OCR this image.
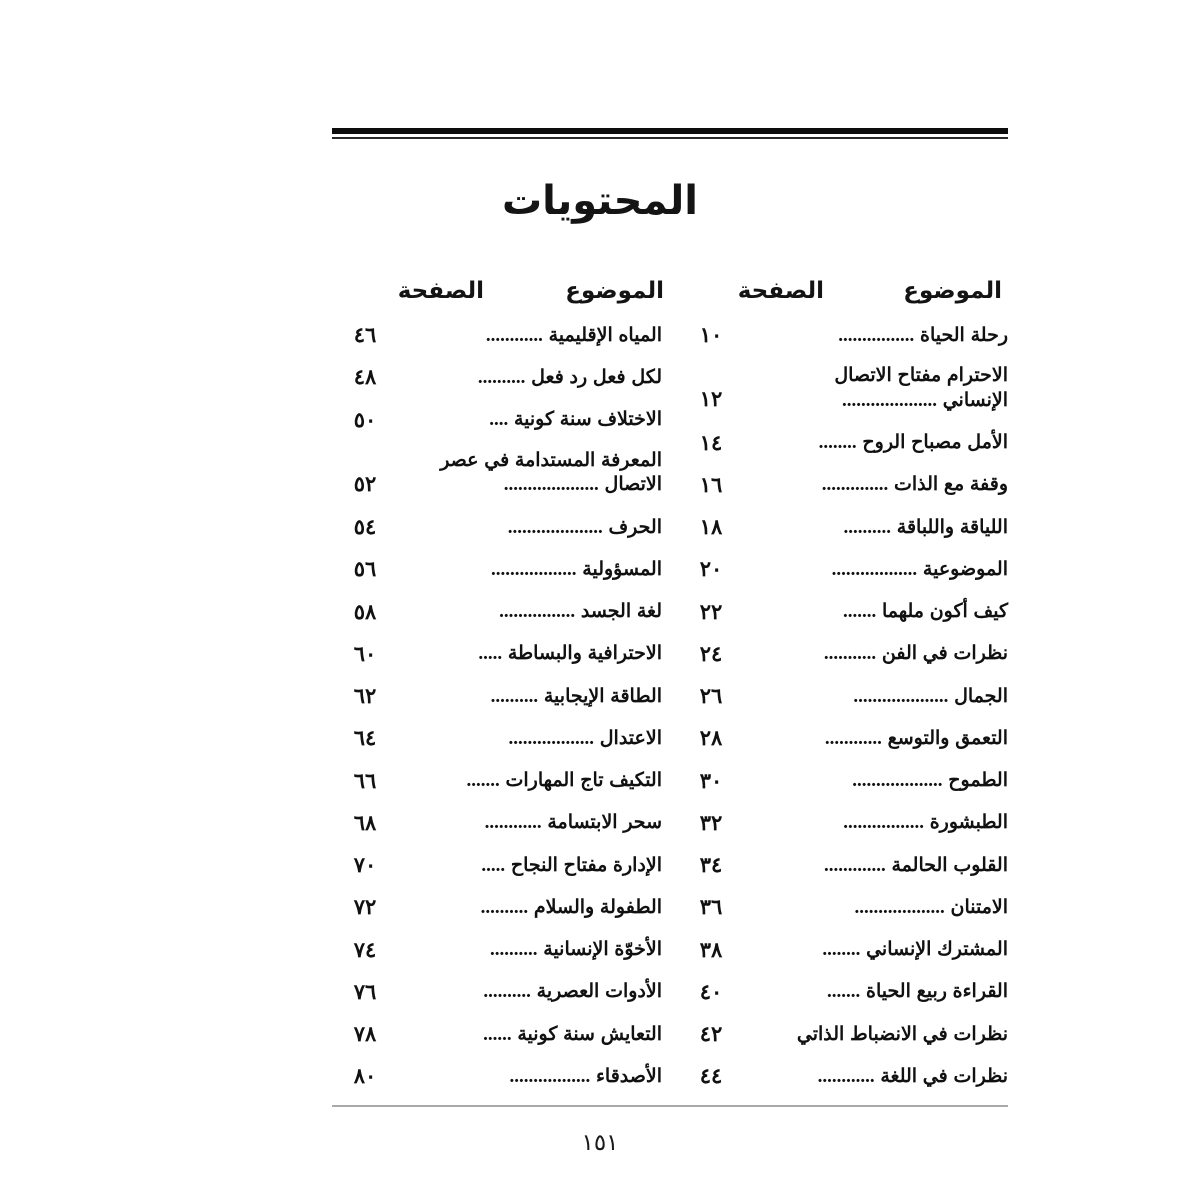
المحتويات
الموضوع
الصفحة
الموضوع
الصفحة
رحلة الحياة ................
١٠
الاحترام مفتاح الاتصال
الإنساني ....................
١٢
الأمل مصباح الروح ........
١٤
وقفة مع الذات ..............
١٦
اللياقة واللباقة ..........
١٨
الموضوعية ..................
٢٠
كيف أكون ملهما .......
٢٢
نظرات في الفن ...........
٢٤
الجمال ....................
٢٦
التعمق والتوسع ............
٢٨
الطموح ...................
٣٠
الطبشورة .................
٣٢
القلوب الحالمة .............
٣٤
الامتنان ...................
٣٦
المشترك الإنساني ........
٣٨
القراءة ربيع الحياة .......
٤٠
نظرات في الانضباط الذاتي
٤٢
نظرات في اللغة ............
٤٤
المياه الإقليمية ............
٤٦
لكل فعل رد فعل ..........
٤٨
الاختلاف سنة كونية ....
٥٠
المعرفة المستدامة في عصر
الاتصال ....................
٥٢
الحرف ....................
٥٤
المسؤولية ..................
٥٦
لغة الجسد ................
٥٨
الاحترافية والبساطة .....
٦٠
الطاقة الإيجابية ..........
٦٢
الاعتدال ..................
٦٤
التكيف تاج المهارات .......
٦٦
سحر الابتسامة ............
٦٨
الإدارة مفتاح النجاح .....
٧٠
الطفولة والسلام ..........
٧٢
الأخوّة الإنسانية ..........
٧٤
الأدوات العصرية ..........
٧٦
التعايش سنة كونية ......
٧٨
الأصدقاء .................
٨٠
١٥١
